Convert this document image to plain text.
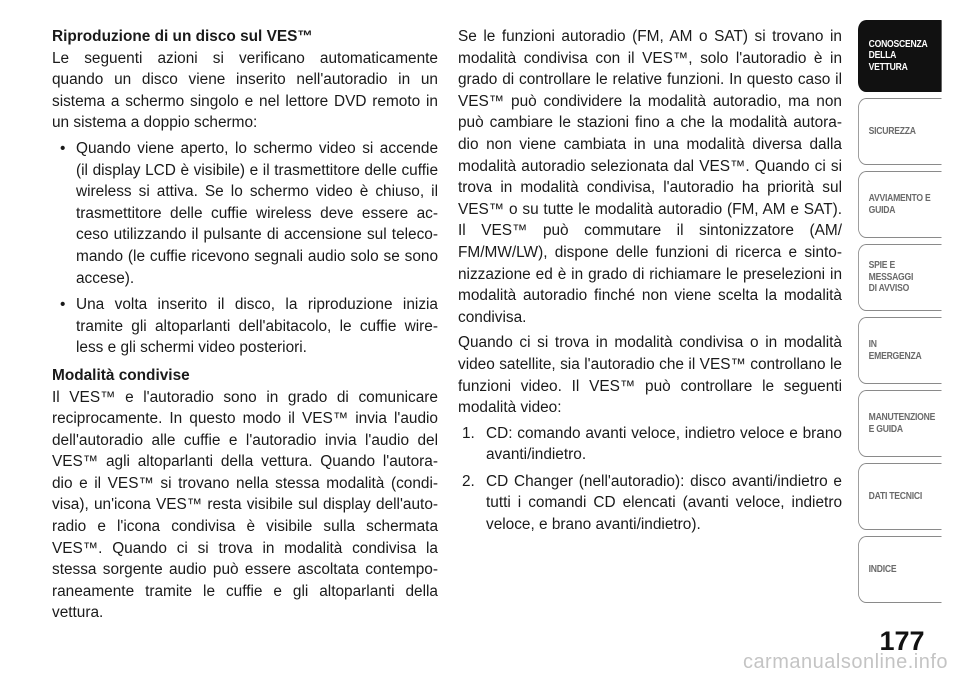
Riproduzione di un disco sul VES™

Le seguenti azioni si verificano automaticamente quando un disco viene inserito nell'autoradio in un sistema a schermo singolo e nel lettore DVD remoto in un sistema a doppio schermo:

• Quando viene aperto, lo schermo video si accende (il display LCD è visibile) e il trasmettitore delle cuffie wireless si attiva. Se lo schermo video è chiuso, il trasmettitore delle cuffie wireless deve essere ac- ceso utilizzando il pulsante di accensione sul teleco- mando (le cuffie ricevono segnali audio solo se sono accese).
• Una volta inserito il disco, la riproduzione inizia tramite gli altoparlanti dell'abitacolo, le cuffie wire- less e gli schermi video posteriori.

Modalità condivise

Il VES™ e l'autoradio sono in grado di comunicare reciprocamente. In questo modo il VES™ invia l'audio dell'autoradio alle cuffie e l'autoradio invia l'audio del VES™ agli altoparlanti della vettura. Quando l'autora- dio e il VES™ si trovano nella stessa modalità (condi- visa), un'icona VES™ resta visibile sul display dell'auto- radio e l'icona condivisa è visibile sulla schermata VES™. Quando ci si trova in modalità condivisa la stessa sorgente audio può essere ascoltata contempo- raneamente tramite le cuffie e gli altoparlanti della vettura.

Se le funzioni autoradio (FM, AM o SAT) si trovano in modalità condivisa con il VES™, solo l'autoradio è in grado di controllare le relative funzioni. In questo caso il VES™ può condividere la modalità autoradio, ma non può cambiare le stazioni fino a che la modalità autora- dio non viene cambiata in una modalità diversa dalla modalità autoradio selezionata dal VES™. Quando ci si trova in modalità condivisa, l'autoradio ha priorità sul VES™ o su tutte le modalità autoradio (FM, AM e SAT). Il VES™ può commutare il sintonizzatore (AM/ FM/MW/LW), dispone delle funzioni di ricerca e sinto- nizzazione ed è in grado di richiamare le preselezioni in modalità autoradio finché non viene scelta la modalità condivisa.

Quando ci si trova in modalità condivisa o in modalità video satellite, sia l'autoradio che il VES™ controllano le funzioni video. Il VES™ può controllare le seguenti modalità video:

1. CD: comando avanti veloce, indietro veloce e brano avanti/indietro.
2. CD Changer (nell'autoradio): disco avanti/indietro e tutti i comandi CD elencati (avanti veloce, indietro veloce, e brano avanti/indietro).
CONOSCENZA
DELLA VETTURA
SICUREZZA
AVVIAMENTO E
GUIDA
SPIE E
MESSAGGI
DI AVVISO
IN
EMERGENZA
MANUTENZIONE
E GUIDA
DATI TECNICI
INDICE
177
carmanualsonline.info
